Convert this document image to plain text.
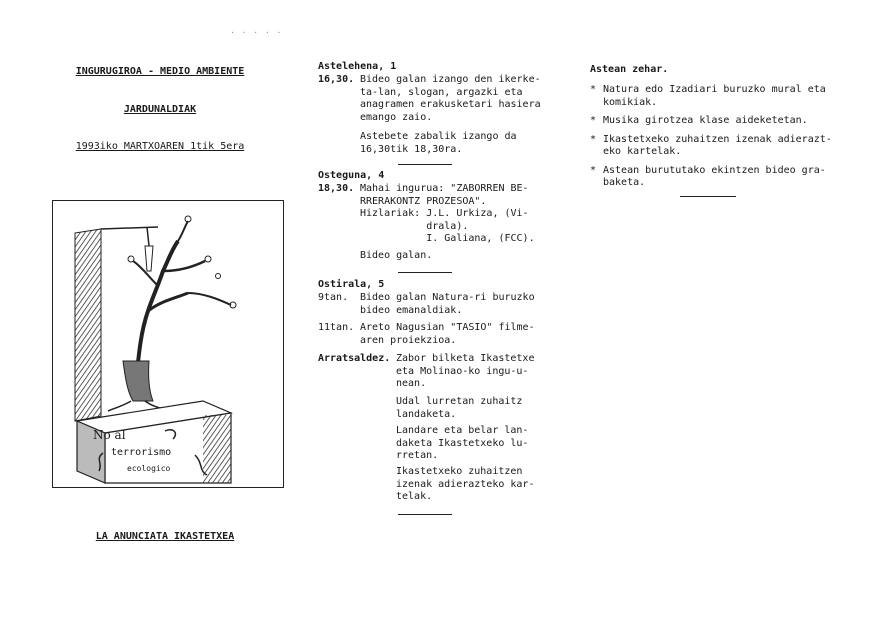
· · · · ·
INGURUGIROA - MEDIO AMBIENTE
JARDUNALDIAK
1993iko MARTXOAREN 1tik 5era
No al
terrorismo
ecologico
LA ANUNCIATA IKASTETXEA
Astelehena, 1
16,30. Bideo galan izango den ikerke-
ta-lan, slogan, argazki eta
anagramen erakusketari hasiera
emango zaio.
Astebete zabalik izango da
16,30tik 18,30ra.
Osteguna, 4
18,30. Mahai ingurua: "ZABORREN BE-
RRERAKONTZ PROZESOA".
Hizlariak: J.L. Urkiza, (Vi-
drala).
I. Galiana, (FCC).
Bideo galan.
Ostirala, 5
9tan. Bideo galan Natura-ri buruzko
bideo emanaldiak.
11tan. Areto Nagusian "TASIO" filme-
aren proiekzioa.
Arratsaldez. Zabor bilketa Ikastetxe
eta Molinao-ko ingu-u-
nean.
Udal lurretan zuhaitz
landaketa.
Landare eta belar lan-
daketa Ikastetxeko lu-
rretan.
Ikastetxeko zuhaitzen
izenak adierazteko kar-
telak.
Astean zehar.
* Natura edo Izadiari buruzko mural eta
komikiak.
* Musika girotzea klase aideketetan.
* Ikastetxeko zuhaitzen izenak adierazt-
eko kartelak.
* Astean burututako ekintzen bideo gra-
baketa.
